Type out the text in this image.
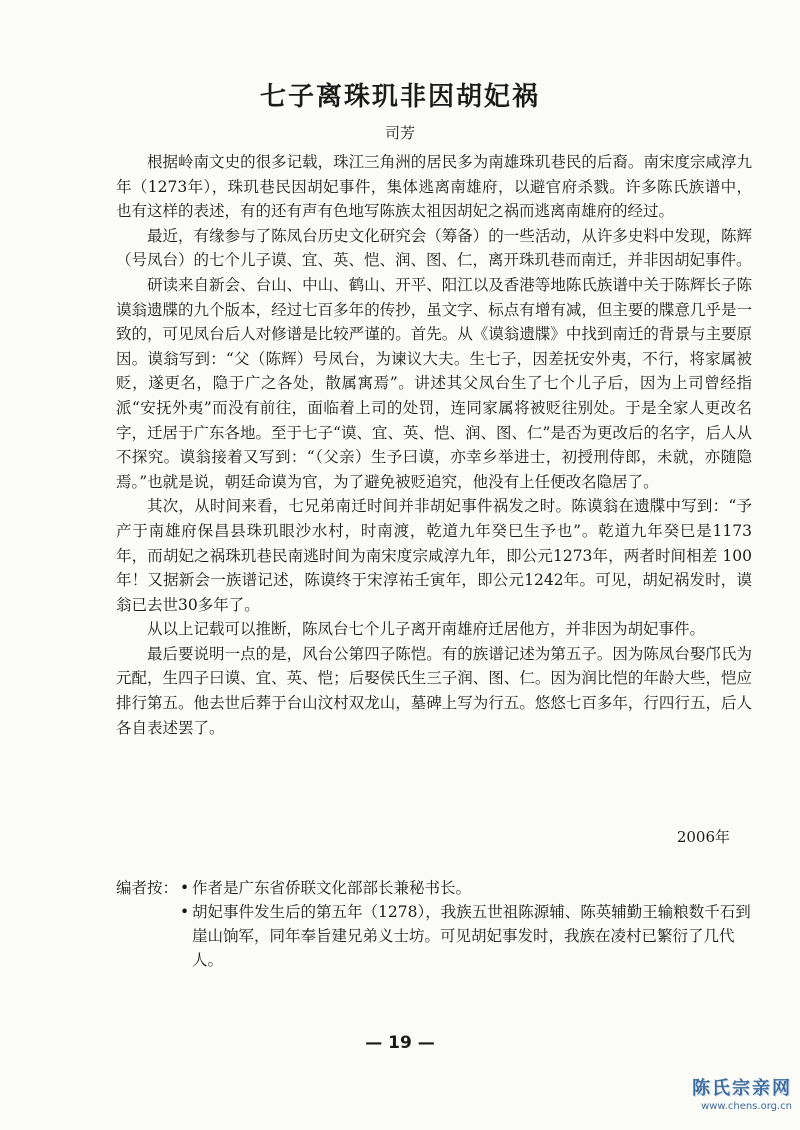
七子离珠玑非因胡妃祸
司芳

根据岭南文史的很多记载，珠江三角洲的居民多为南雄珠玑巷民的后裔。南宋度宗咸淳九年（1273年），珠玑巷民因胡妃事件，集体逃离南雄府，以避官府杀戮。许多陈氏族谱中，也有这样的表述，有的还有声有色地写陈族太祖因胡妃之祸而逃离南雄府的经过。

最近，有缘参与了陈凤台历史文化研究会（筹备）的一些活动，从许多史料中发现，陈辉（号凤台）的七个儿子谟、宜、英、恺、润、图、仁，离开珠玑巷而南迁，并非因胡妃事件。

研读来自新会、台山、中山、鹤山、开平、阳江以及香港等地陈氏族谱中关于陈辉长子陈谟翁遗牒的九个版本，经过七百多年的传抄，虽文字、标点有增有减，但主要的牒意几乎是一致的，可见凤台后人对修谱是比较严谨的。首先。从《谟翁遗牒》中找到南迁的背景与主要原因。谟翁写到：“父（陈辉）号凤台，为谏议大夫。生七子，因差抚安外夷，不行，将家属被贬，遂更名，隐于广之各处，散属寓焉”。讲述其父凤台生了七个儿子后，因为上司曾经指派“安抚外夷”而没有前往，面临着上司的处罚，连同家属将被贬往别处。于是全家人更改名字，迁居于广东各地。至于七子“谟、宜、英、恺、润、图、仁”是否为更改后的名字，后人从不探究。谟翁接着又写到：“（父亲）生予曰谟，亦幸乡举进士，初授刑侍郎，未就，亦随隐焉。”也就是说，朝廷命谟为官，为了避免被贬追究，他没有上任便改名隐居了。

其次，从时间来看，七兄弟南迁时间并非胡妃事件祸发之时。陈谟翁在遗牒中写到：“予产于南雄府保昌县珠玑眼沙水村，时南渡，乾道九年癸巳生予也”。乾道九年癸巳是1173年，而胡妃之祸珠玑巷民南逃时间为南宋度宗咸淳九年，即公元1273年，两者时间相差 100年！又据新会一族谱记述，陈谟终于宋淳祐壬寅年，即公元1242年。可见，胡妃祸发时，谟翁已去世30多年了。

从以上记载可以推断，陈凤台七个儿子离开南雄府迁居他方，并非因为胡妃事件。

最后要说明一点的是，风台公第四子陈恺。有的族谱记述为第五子。因为陈凤台娶邝氏为元配，生四子曰谟、宜、英、恺；后娶侯氏生三子润、图、仁。因为润比恺的年龄大些，恺应排行第五。他去世后葬于台山汶村双龙山，墓碑上写为行五。悠悠七百多年，行四行五，后人各自表述罢了。

2006年
编者按： • 作者是广东省侨联文化部部长兼秘书长。
• 胡妃事件发生后的第五年（1278），我族五世祖陈源辅、陈英辅勤王输粮数千石到崖山饷军，同年奉旨建兄弟义士坊。可见胡妃事发时，我族在凌村已繁衍了几代人。
— 19 —
陈氏宗亲网
www.chens.org.cn
